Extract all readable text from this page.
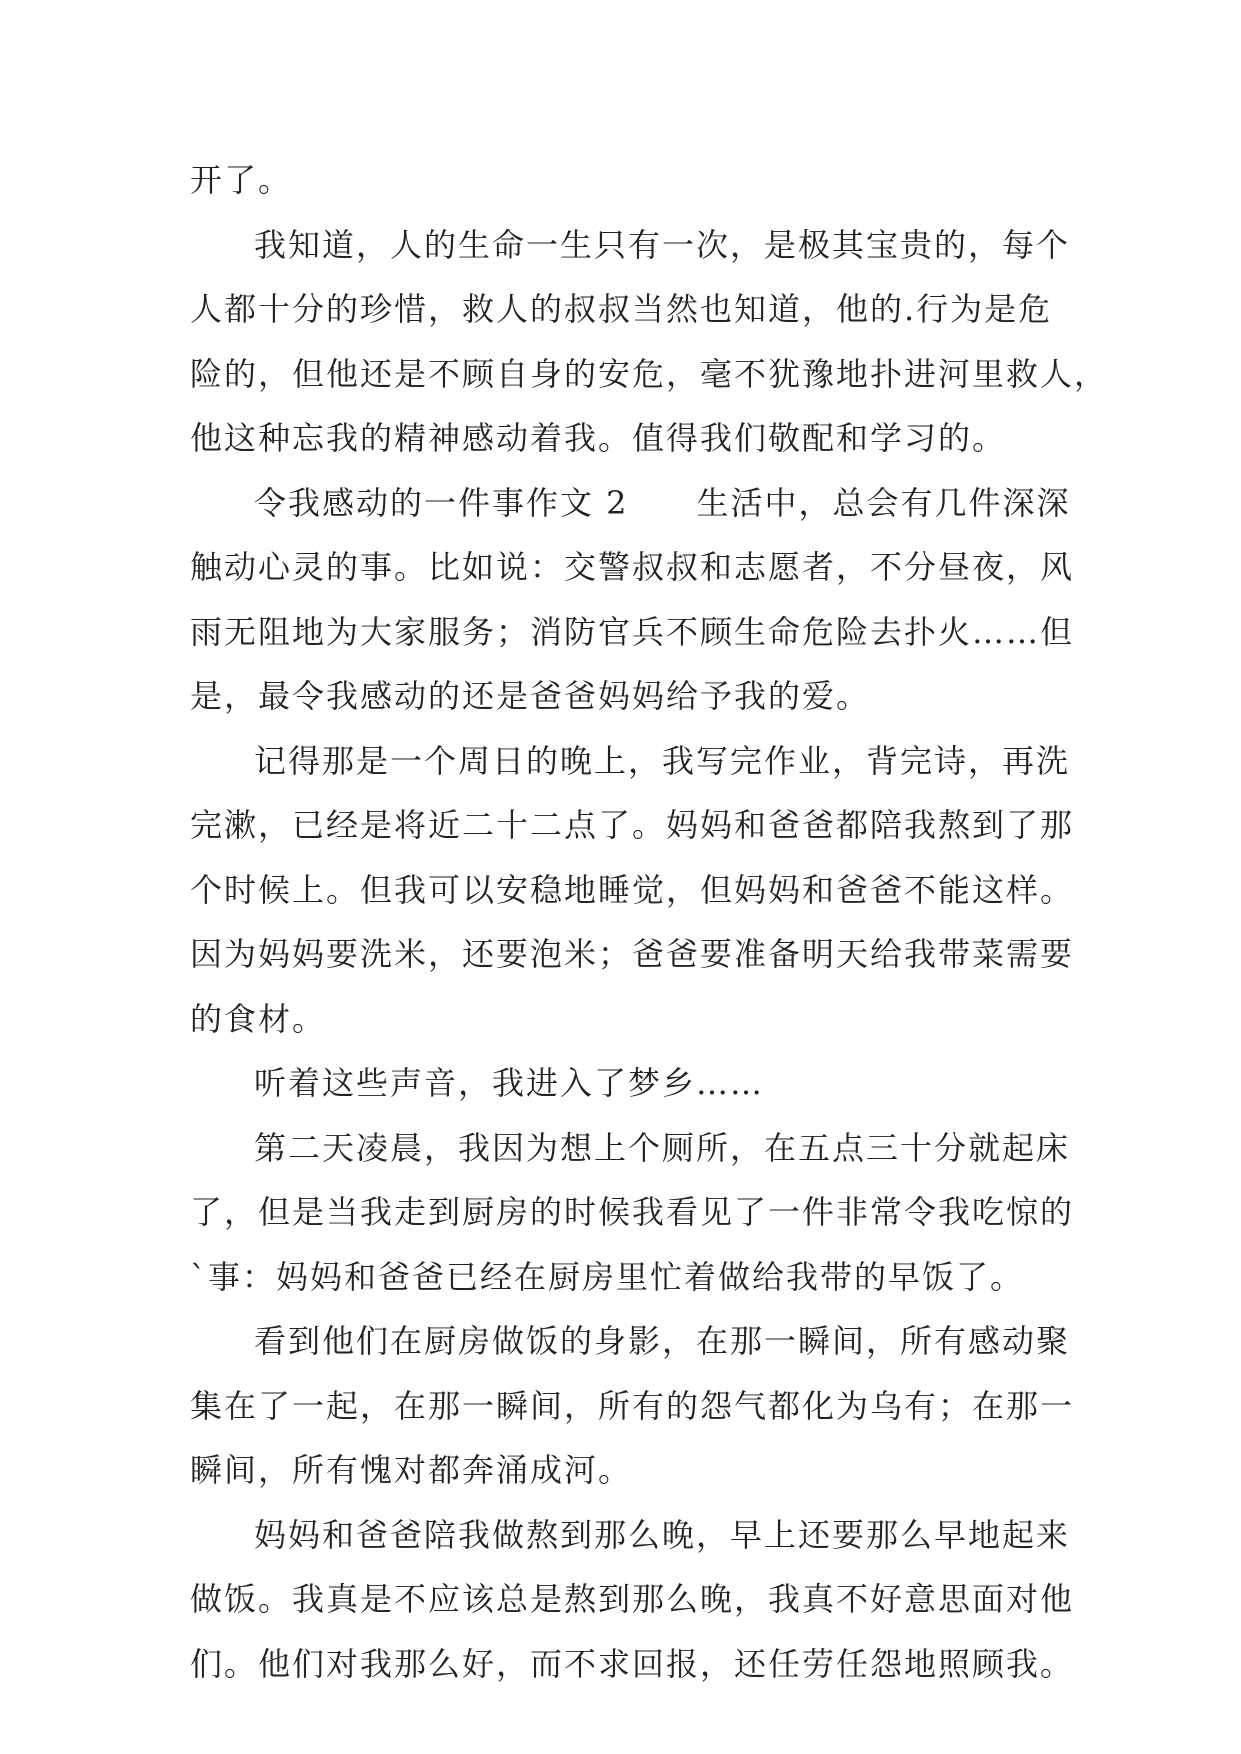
开了。
我知道，人的生命一生只有一次，是极其宝贵的，每个
人都十分的珍惜，救人的叔叔当然也知道，他的.行为是危
险的，但他还是不顾自身的安危，毫不犹豫地扑进河里救人，
他这种忘我的精神感动着我。值得我们敬配和学习的。
令我感动的一件事作文 2　　生活中，总会有几件深深
触动心灵的事。比如说：交警叔叔和志愿者，不分昼夜，风
雨无阻地为大家服务；消防官兵不顾生命危险去扑火……但
是，最令我感动的还是爸爸妈妈给予我的爱。
记得那是一个周日的晚上，我写完作业，背完诗，再洗
完漱，已经是将近二十二点了。妈妈和爸爸都陪我熬到了那
个时候上。但我可以安稳地睡觉，但妈妈和爸爸不能这样。
因为妈妈要洗米，还要泡米；爸爸要准备明天给我带菜需要
的食材。
听着这些声音，我进入了梦乡……
第二天凌晨，我因为想上个厕所，在五点三十分就起床
了，但是当我走到厨房的时候我看见了一件非常令我吃惊的
`事：妈妈和爸爸已经在厨房里忙着做给我带的早饭了。
看到他们在厨房做饭的身影，在那一瞬间，所有感动聚
集在了一起，在那一瞬间，所有的怨气都化为乌有；在那一
瞬间，所有愧对都奔涌成河。
妈妈和爸爸陪我做熬到那么晚，早上还要那么早地起来
做饭。我真是不应该总是熬到那么晚，我真不好意思面对他
们。他们对我那么好，而不求回报，还任劳任怨地照顾我。
